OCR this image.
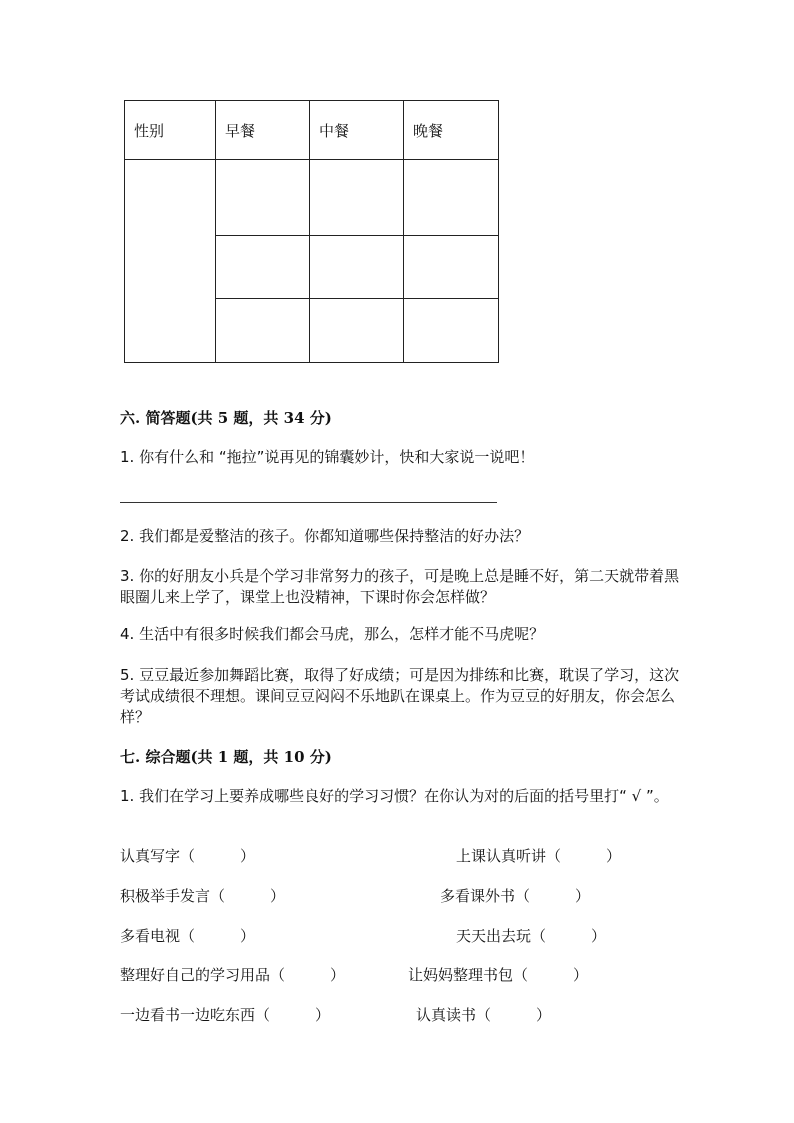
性别	早餐	中餐	晚餐

六. 简答题(共 5 题，共 34 分)
1. 你有什么和 “拖拉”说再见的锦囊妙计，快和大家说一说吧！
2. 我们都是爱整洁的孩子。你都知道哪些保持整洁的好办法？
3. 你的好朋友小兵是个学习非常努力的孩子，可是晚上总是睡不好，第二天就带着黑眼圈儿来上学了，课堂上也没精神，下课时你会怎样做？
4. 生活中有很多时候我们都会马虎，那么，怎样才能不马虎呢？
5. 豆豆最近参加舞蹈比赛，取得了好成绩；可是因为排练和比赛，耽误了学习，这次考试成绩很不理想。课间豆豆闷闷不乐地趴在课桌上。作为豆豆的好朋友，你会怎么样？
七. 综合题(共 1 题，共 10 分)
1. 我们在学习上要养成哪些良好的学习习惯？在你认为对的后面的括号里打“ √ ”。
认真写字（　　　）	上课认真听讲（　　　）
积极举手发言（　　　）	多看课外书（　　　）
多看电视（　　　）	天天出去玩（　　　）
整理好自己的学习用品（　　　）	让妈妈整理书包（　　　）
一边看书一边吃东西（　　　）	认真读书（　　　）
